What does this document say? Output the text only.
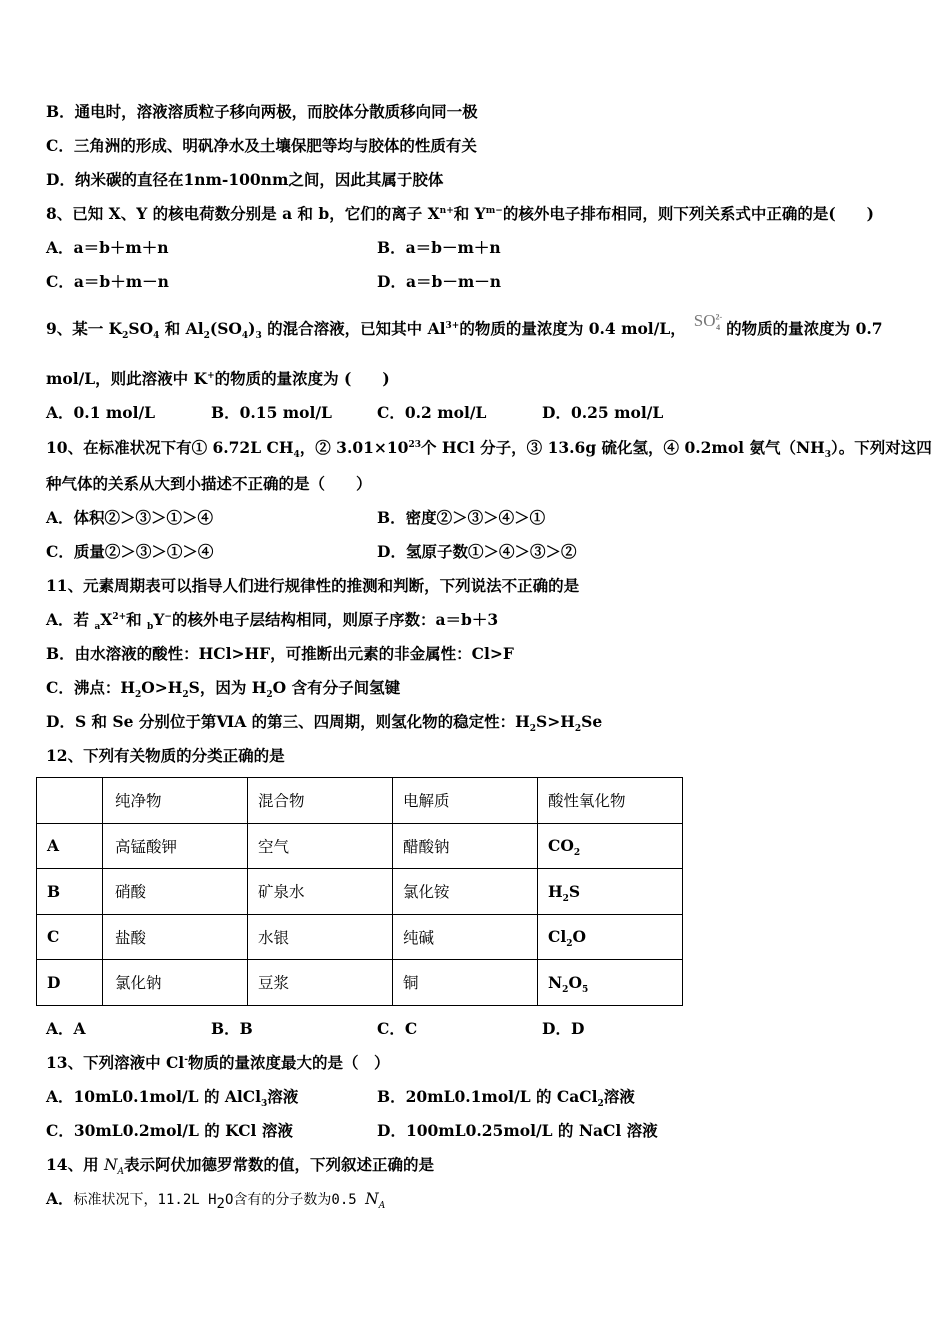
B．通电时，溶液溶质粒子移向两极，而胶体分散质移向同一极
C．三角洲的形成、明矾净水及土壤保肥等均与胶体的性质有关
D．纳米碳的直径在1nm-100nm之间，因此其属于胶体
8、已知 X、Y 的核电荷数分别是 a 和 b，它们的离子 $X^{n+}$和 $Y^{m-}$的核外电子排布相同，则下列关系式中正确的是(　　)
A．a＝b＋m＋n	B．a＝b－m＋n
C．a＝b＋m－n	D．a＝b－m－n
9、某一 $K_2SO_4$ 和 $Al_2(SO_4)_3$ 的混合溶液，已知其中 $Al^{3+}$的物质的量浓度为 0.4 mol/L， $SO^{2-}_4$ 的物质的量浓度为 0.7
mol/L，则此溶液中 K+的物质的量浓度为 (　　)
A．0.1 mol/L	B．0.15 mol/L	C．0.2 mol/L	D．0.25 mol/L
10、在标准状况下有① 6.72L $CH_4$，② $3.01\times 10^{23}$个 HCl 分子，③ 13.6g 硫化氢，④ 0.2mol 氨气$(NH_3)$。下列对这四
种气体的关系从大到小描述不正确的是（　　）
A．体积②＞③＞①＞④	B．密度②＞③＞④＞①
C．质量②＞③＞①＞④	D．氢原子数①＞④＞③＞②
11、元素周期表可以指导人们进行规律性的推测和判断，下列说法不正确的是
A．若 $_aX^{2+}$和 $_b$Y−的核外电子层结构相同，则原子序数：a＝b＋3
B．由水溶液的酸性：HCl>HF，可推断出元素的非金属性：Cl>F
C．沸点：$H_2O>H_2S$，因为 $H_2O$ 含有分子间氢键
D．S 和 Se 分别位于第ⅥA 的第三、四周期，则氢化物的稳定性：$H_2S>H_2Se$
12、下列有关物质的分类正确的是
	纯净物	混合物	电解质	酸性氧化物
A	高锰酸钾	空气	醋酸钠	$CO_2$
B	硝酸	矿泉水	氯化铵	$H_2S$
C	盐酸	水银	纯碱	$Cl_2O$
D	氯化钠	豆浆	铜	$N_2O_5$
A．A	B．B	C．C	D．D
13、下列溶液中 Cl-物质的量浓度最大的是（　）
A．10mL0.1mol/L 的 AlCl$_3$溶液	B．20mL0.1mol/L 的 CaCl$_2$溶液
C．30mL0.2mol/L 的 KCl 溶液	D．100mL0.25mol/L 的 NaCl 溶液
14、用 $N_A$表示阿伏加德罗常数的值，下列叙述正确的是
A．标准状况下，11.2L $H_2O$含有的分子数为0.5 $N_A$
